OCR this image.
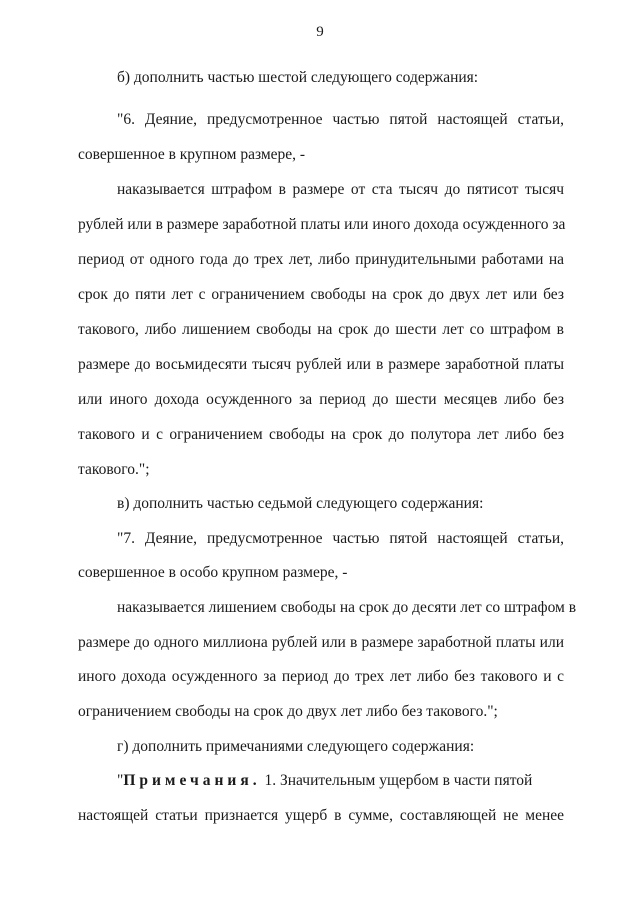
9
б) дополнить частью шестой следующего содержания:
"6. Деяние, предусмотренное частью пятой настоящей статьи,
совершенное в крупном размере, -
наказывается штрафом в размере от ста тысяч до пятисот тысяч
рублей или в размере заработной платы или иного дохода осужденного за
период от одного года до трех лет, либо принудительными работами на
срок до пяти лет с ограничением свободы на срок до двух лет или без
такового, либо лишением свободы на срок до шести лет со штрафом в
размере до восьмидесяти тысяч рублей или в размере заработной платы
или иного дохода осужденного за период до шести месяцев либо без
такового и с ограничением свободы на срок до полутора лет либо без
такового.";
в) дополнить частью седьмой следующего содержания:
"7. Деяние, предусмотренное частью пятой настоящей статьи,
совершенное в особо крупном размере, -
наказывается лишением свободы на срок до десяти лет со штрафом в
размере до одного миллиона рублей или в размере заработной платы или
иного дохода осужденного за период до трех лет либо без такового и с
ограничением свободы на срок до двух лет либо без такового.";
г) дополнить примечаниями следующего содержания:
"Примечания. 1. Значительным ущербом в части пятой
настоящей статьи признается ущерб в сумме, составляющей не менее
